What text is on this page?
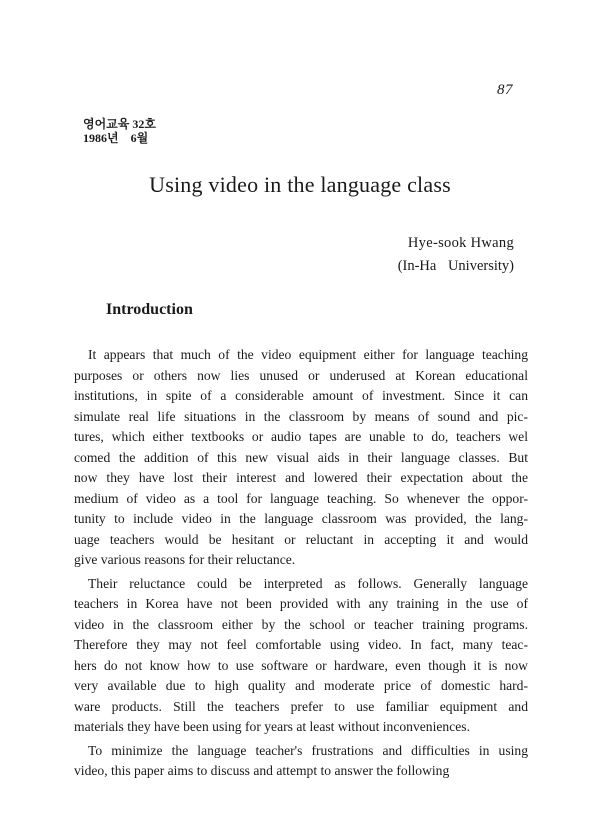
87
영어교육 32호
1986년    6월
Using video in the language class
Hye-sook Hwang
(In-Ha University)
Introduction
It appears that much of the video equipment either for language teaching
purposes or others now lies unused or underused at Korean educational
institutions, in spite of a considerable amount of investment. Since it can
simulate real life situations in the classroom by means of sound and pic-
tures, which either textbooks or audio tapes are unable to do, teachers wel
comed the addition of this new visual aids in their language classes. But
now they have lost their interest and lowered their expectation about the
medium of video as a tool for language teaching. So whenever the oppor-
tunity to include video in the language classroom was provided, the lang-
uage teachers would be hesitant or reluctant in accepting it and would
give various reasons for their reluctance.
Their reluctance could be interpreted as follows. Generally language
teachers in Korea have not been provided with any training in the use of
video in the classroom either by the school or teacher training programs.
Therefore they may not feel comfortable using video. In fact, many teac-
hers do not know how to use software or hardware, even though it is now
very available due to high quality and moderate price of domestic hard-
ware products. Still the teachers prefer to use familiar equipment and
materials they have been using for years at least without inconveniences.
To minimize the language teacher's frustrations and difficulties in using
video, this paper aims to discuss and attempt to answer the following
